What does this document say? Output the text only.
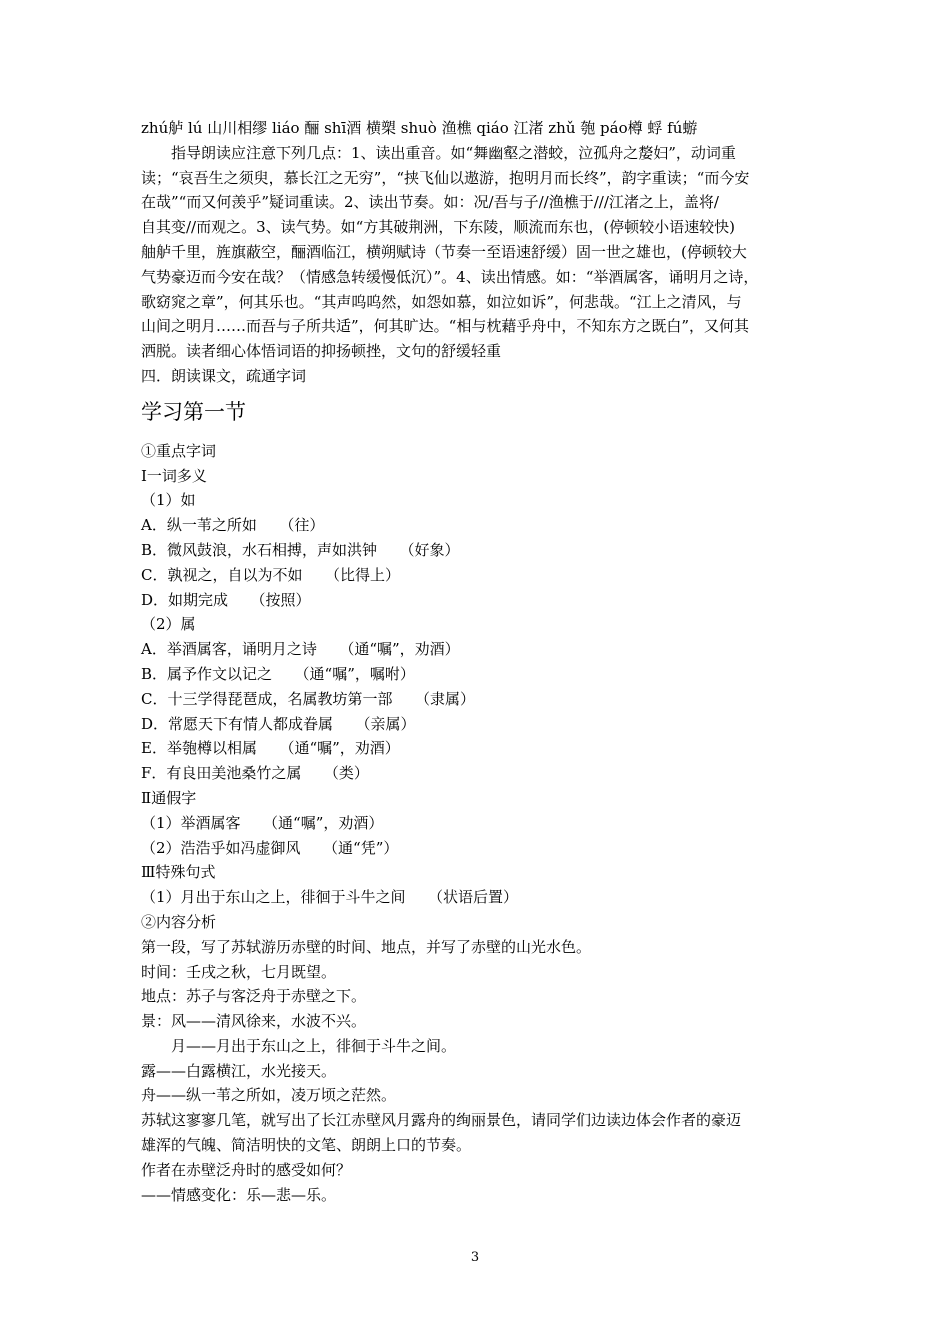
zhú舻 lú 山川相缪 liáo 酾 shī酒 横槊 shuò 渔樵 qiáo 江渚 zhǔ 匏 páo樽 蜉 fú蝣
指导朗读应注意下列几点：1、读出重音。如“舞幽壑之潜蛟，泣孤舟之嫠妇”，动词重
读；“哀吾生之须臾，慕长江之无穷”，“挟飞仙以遨游，抱明月而长终”，韵字重读；“而今安
在哉”“而又何羡乎”疑词重读。2、读出节奏。如：况/吾与子//渔樵于///江渚之上，盖将/
自其变//而观之。3、读气势。如“方其破荆洲，下东陵，顺流而东也，(停顿较小语速较快)
舳舻千里，旌旗蔽空，酾酒临江，横朔赋诗（节奏一至语速舒缓）固一世之雄也，(停顿较大
气势豪迈而今安在哉？（情感急转缓慢低沉）”。4、读出情感。如：“举酒属客，诵明月之诗，
歌窈窕之章”，何其乐也。“其声呜呜然，如怨如慕，如泣如诉”，何悲哉。“江上之清风，与
山间之明月……而吾与子所共适”，何其旷达。“相与枕藉乎舟中，不知东方之既白”，又何其
洒脱。读者细心体悟词语的抑扬顿挫，文句的舒缓轻重
四．朗读课文，疏通字词
学习第一节
①重点字词
Ⅰ一词多义
（1）如
A．纵一苇之所如　　（往）
B．微风鼓浪，水石相搏，声如洪钟　　（好象）
C．孰视之，自以为不如　　（比得上）
D．如期完成　　（按照）
（2）属
A．举酒属客，诵明月之诗　　（通“嘱”，劝酒）
B．属予作文以记之　　（通“嘱”，嘱咐）
C．十三学得琵琶成，名属教坊第一部　　（隶属）
D．常愿天下有情人都成眷属　　（亲属）
E．举匏樽以相属　　（通“嘱”，劝酒）
F．有良田美池桑竹之属　　（类）
Ⅱ通假字
（1）举酒属客　　（通“嘱”，劝酒）
（2）浩浩乎如冯虚御风　　（通“凭”）
Ⅲ特殊句式
（1）月出于东山之上，徘徊于斗牛之间　　（状语后置）
②内容分析
第一段，写了苏轼游历赤壁的时间、地点，并写了赤壁的山光水色。
时间：壬戌之秋，七月既望。
地点：苏子与客泛舟于赤壁之下。
景：风——清风徐来，水波不兴。
月——月出于东山之上，徘徊于斗牛之间。
露——白露横江，水光接天。
舟——纵一苇之所如，凌万顷之茫然。
苏轼这寥寥几笔，就写出了长江赤壁风月露舟的绚丽景色，请同学们边读边体会作者的豪迈
雄浑的气魄、简洁明快的文笔、朗朗上口的节奏。
作者在赤壁泛舟时的感受如何？
——情感变化：乐—悲—乐。
3
